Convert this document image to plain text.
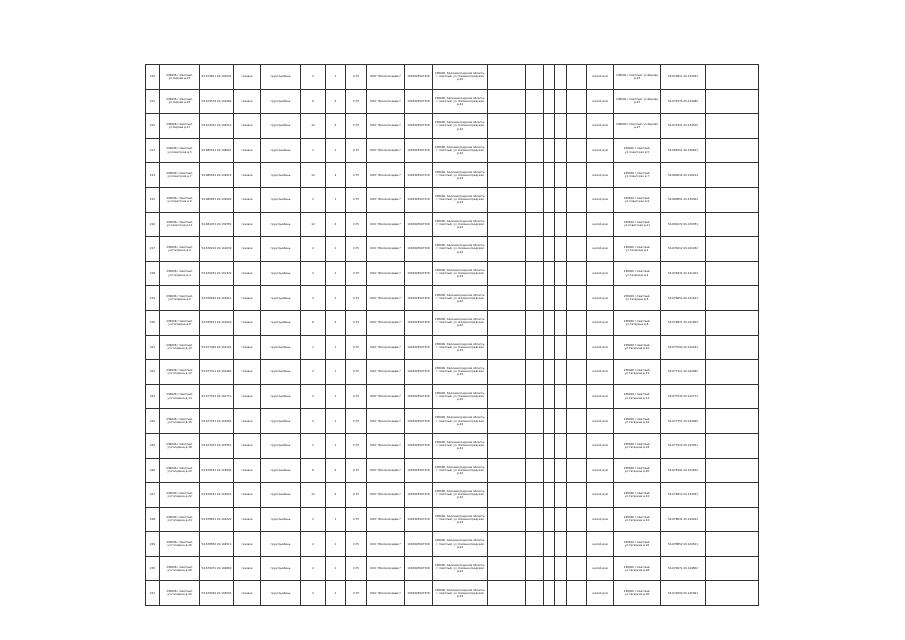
210	236006 г.Светлый, ул.Кирова д.23	54.674811 20.134041	газовое	грунт/щебень	2	1	0,75	ООО "Жилкомсервис"	1093925007318	238000, Калининградская область, г. Светлый, ул. Калининградская д.24						жилой дом	238000 г.Светлый, ул.Кирова д.23	54.674811 20.134041	
211	236006 г.Светлый, ул.Кирова д.25	54.674576 20.134282	газовое	грунт/щебень	6	4	0,75	ООО "Жилкомсервис"	1093925007318	238000, Калининградская область, г. Светлый, ул. Калининградская д.24						жилой дом	238000 г.Светлый, ул.Кирова д.25	54.674576 20.134282	
212	236006 г.Светлый, ул.Кирова д.27	54.674321 20.134512	газовое	грунт/щебень	12	4	0,75	ООО "Жилкомсервис"	1093925007318	238000, Калининградская область, г. Светлый, ул. Калининградская д.24						жилой дом	238000 г.Светлый, ул.Кирова д.27	54.674321 20.134512	
213	236006 г.Светлый, ул.Советская д.5	54.680411 20.138921	газовое	грунт/щебень	1	1	0,75	ООО "Жилкомсервис"	1093925007318	238000, Калининградская область, г. Светлый, ул. Калининградская д.24						жилой дом	238000 г.Светлый, ул.Советская д.5	54.680411 20.138921	
214	236006 г.Светлый, ул.Советская д.7	54.680632 20.139214	газовое	грунт/щебень	12	4	0,75	ООО "Жилкомсервис"	1093925007318	238000, Калининградская область, г. Светлый, ул. Калининградская д.24						жилой дом	238000 г.Светлый, ул.Советская д.7	54.680632 20.139214	
215	236006 г.Светлый, ул.Советская д.9	54.680851 20.139502	газовое	грунт/щебень	2	1	0,75	ООО "Жилкомсервис"	1093925007318	238000, Калининградская область, г. Светлый, ул. Калининградская д.24						жилой дом	238000 г.Светлый, ул.Советская д.9	54.680851 20.139502	
216	236006 г.Светлый, ул.Советская д.11	54.681072 20.139781	газовое	грунт/щебень	12	4	0,75	ООО "Жилкомсервис"	1093925007318	238000, Калининградская область, г. Светлый, ул. Калининградская д.24						жилой дом	238000 г.Светлый, ул.Советская д.11	54.681072 20.139781	
217	236006 г.Светлый, ул.Гагарина д.2	54.676212 20.141032	газовое	грунт/щебень	2	1	0,75	ООО "Жилкомсервис"	1093925007318	238000, Калининградская область, г. Светлый, ул. Калининградская д.24						жилой дом	238000 г.Светлый, ул.Гагарина д.2	54.676212 20.141032	
218	236006 г.Светлый, ул.Гагарина д.4	54.676431 20.141322	газовое	грунт/щебень	2	1	0,75	ООО "Жилкомсервис"	1093925007318	238000, Калининградская область, г. Светлый, ул. Калининградская д.24						жилой дом	238000 г.Светлый, ул.Гагарина д.4	54.676431 20.141322	
219	236006 г.Светлый, ул.Гагарина д.6	54.676652 20.141611	газовое	грунт/щебень	2	1	0,75	ООО "Жилкомсервис"	1093925007318	238000, Калининградская область, г. Светлый, ул. Калининградская д.24						жилой дом	238000 г.Светлый, ул.Гагарина д.6	54.676652 20.141611	
220	236006 г.Светлый, ул.Гагарина д.8	54.676871 20.141902	газовое	грунт/щебень	6	4	0,75	ООО "Жилкомсервис"	1093925007318	238000, Калининградская область, г. Светлый, ул. Калининградская д.24						жилой дом	238000 г.Светлый, ул.Гагарина д.8	54.676871 20.141902	
221	236006 г.Светлый, ул.Гагарина д.10	54.677092 20.142191	газовое	грунт/щебень	1	1	0,75	ООО "Жилкомсервис"	1093925007318	238000, Калининградская область, г. Светлый, ул. Калининградская д.24						жилой дом	238000 г.Светлый, ул.Гагарина д.10	54.677092 20.142191	
222	236006 г.Светлый, ул.Гагарина д.12	54.677311 20.142482	газовое	грунт/щебень	2	1	0,75	ООО "Жилкомсервис"	1093925007318	238000, Калининградская область, г. Светлый, ул. Калининградская д.24						жилой дом	238000 г.Светлый, ул.Гагарина д.12	54.677311 20.142482	
223	236006 г.Светлый, ул.Гагарина д.14	54.677532 20.142771	газовое	грунт/щебень	2	1	0,75	ООО "Жилкомсервис"	1093925007318	238000, Калининградская область, г. Светлый, ул. Калининградская д.24						жилой дом	238000 г.Светлый, ул.Гагарина д.14	54.677532 20.142771	
224	236006 г.Светлый, ул.Гагарина д.16	54.677751 20.143062	газовое	грунт/щебень	2	1	0,75	ООО "Жилкомсервис"	1093925007318	238000, Калининградская область, г. Светлый, ул. Калининградская д.24						жилой дом	238000 г.Светлый, ул.Гагарина д.16	54.677751 20.143062	
225	236006 г.Светлый, ул.Гагарина д.18	54.677972 20.143351	газовое	грунт/щебень	1	1	0,75	ООО "Жилкомсервис"	1093925007318	238000, Калининградская область, г. Светлый, ул. Калининградская д.24						жилой дом	238000 г.Светлый, ул.Гагарина д.18	54.677972 20.143351	
226	236006 г.Светлый, ул.Гагарина д.20	54.678191 20.143642	газовое	грунт/щебень	6	4	0,75	ООО "Жилкомсервис"	1093925007318	238000, Калининградская область, г. Светлый, ул. Калининградская д.24						жилой дом	238000 г.Светлый, ул.Гагарина д.20	54.678191 20.143642	
227	236006 г.Светлый, ул.Гагарина д.22	54.678412 20.143931	газовое	грунт/щебень	12	4	0,75	ООО "Жилкомсервис"	1093925007318	238000, Калининградская область, г. Светлый, ул. Калининградская д.24						жилой дом	238000 г.Светлый, ул.Гагарина д.22	54.678412 20.143931	
228	236006 г.Светлый, ул.Гагарина д.24	54.678631 20.144222	газовое	грунт/щебень	2	1	0,75	ООО "Жилкомсервис"	1093925007318	238000, Калининградская область, г. Светлый, ул. Калининградская д.24						жилой дом	238000 г.Светлый, ул.Гагарина д.24	54.678631 20.144222	
229	236006 г.Светлый, ул.Гагарина д.26	54.678852 20.144511	газовое	грунт/щебень	2	1	0,75	ООО "Жилкомсервис"	1093925007318	238000, Калининградская область, г. Светлый, ул. Калининградская д.24						жилой дом	238000 г.Светлый, ул.Гагарина д.26	54.678852 20.144511	
230	236006 г.Светлый, ул.Гагарина д.28	54.679071 20.144802	газовое	грунт/щебень	2	1	0,75	ООО "Жилкомсервис"	1093925007318	238000, Калининградская область, г. Светлый, ул. Калининградская д.24						жилой дом	238000 г.Светлый, ул.Гагарина д.28	54.679071 20.144802	
231	236006 г.Светлый, ул.Гагарина д.30	54.679292 20.145091	газовое	грунт/щебень	2	1	0,75	ООО "Жилкомсервис"	1093925007318	238000, Калининградская область, г. Светлый, ул. Калининградская д.24						жилой дом	238000 г.Светлый, ул.Гагарина д.30	54.679292 20.145091	
